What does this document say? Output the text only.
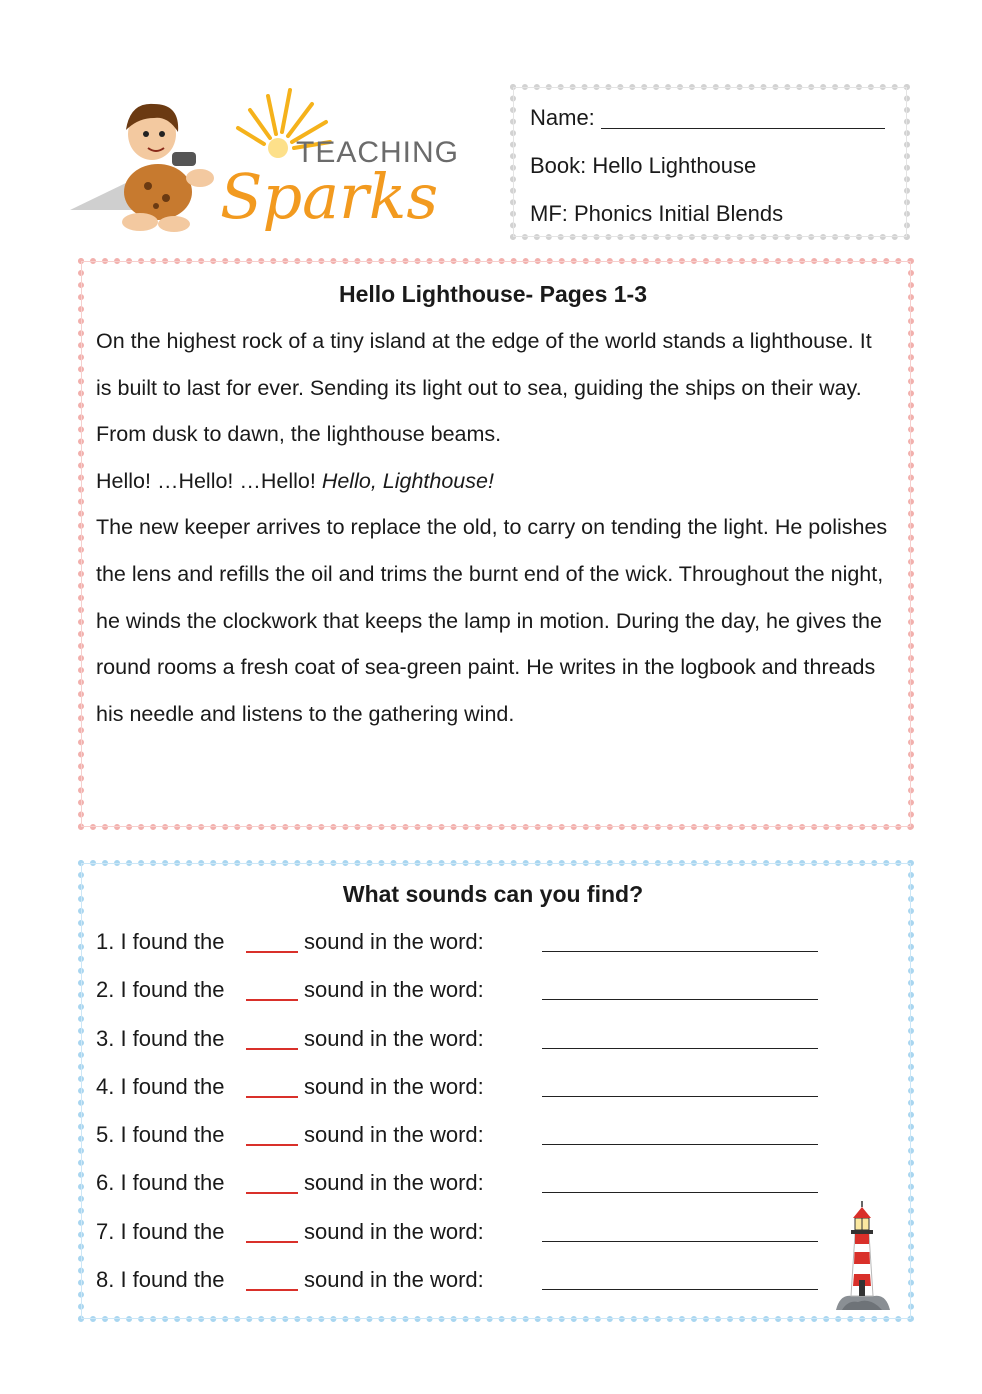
TEACHING
Sparks
Name:
Book: Hello Lighthouse
MF: Phonics Initial Blends
Hello Lighthouse- Pages 1-3

On the highest rock of a tiny island at the edge of the world stands a lighthouse. It is built to last for ever. Sending its light out to sea, guiding the ships on their way.

From dusk to dawn, the lighthouse beams.

Hello! …Hello! …Hello! Hello, Lighthouse!

The new keeper arrives to replace the old, to carry on tending the light. He polishes the lens and refills the oil and trims the burnt end of the wick. Throughout the night, he winds the clockwork that keeps the lamp in motion. During the day, he gives the round rooms a fresh coat of sea-green paint. He writes in the logbook and threads his needle and listens to the gathering wind.

What sounds can you find?
1. I found the	sound in the word:
2. I found the	sound in the word:
3. I found the	sound in the word:
4. I found the	sound in the word:
5. I found the	sound in the word:
6. I found the	sound in the word:
7. I found the	sound in the word:
8. I found the	sound in the word:
